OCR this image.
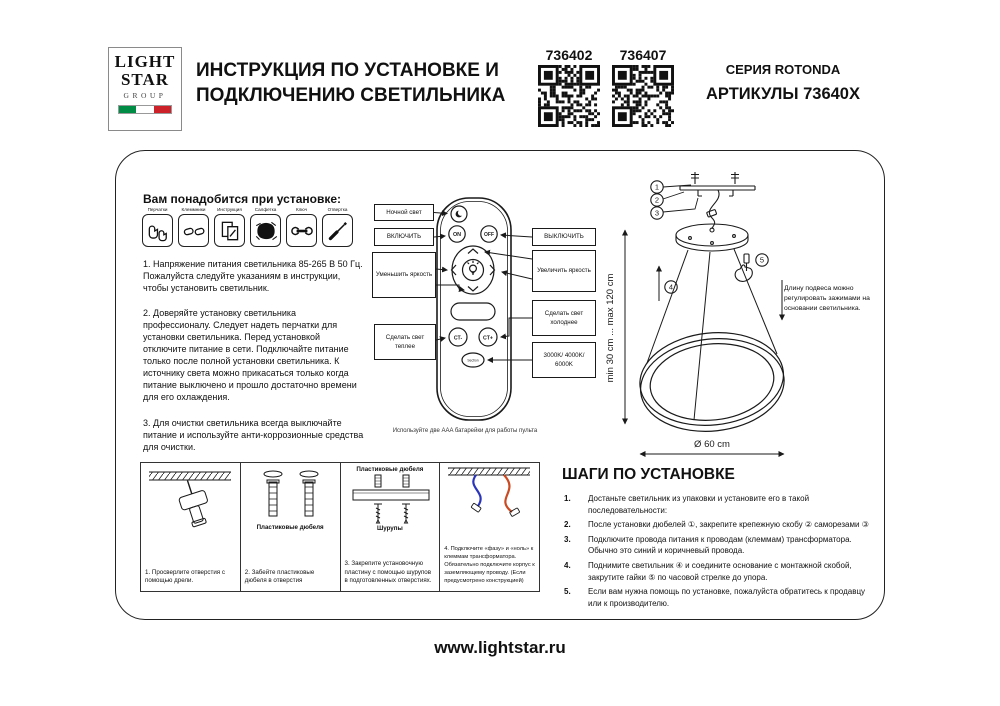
LIGHT
STAR
GROUP
ИНСТРУКЦИЯ ПО УСТАНОВКЕ И
ПОДКЛЮЧЕНИЮ СВЕТИЛЬНИКА
736402	736407
СЕРИЯ ROTONDA
АРТИКУЛЫ 73640X
Вам понадобится при установке:
Перчатки	Клеммники	Инструкция	Салфетка	Ключ	Отвертка

1. Напряжение питания светильника 85-265 В 50 Гц. Пожалуйста следуйте указаниям в инструкции, чтобы установить светильник.

2. Доверяйте установку светильника профессионалу. Следует надеть перчатки для установки светильника. Перед установкой отключите питание в сети. Подключайте питание только после полной установки светильника. К источнику света можно прикасаться только когда питание выключено и прошло достаточно времени для его охлаждения.

3. Для очистки светильника всегда выключайте питание и используйте анти-коррозионные средства для очистки.

Ночной свет
ВКЛЮЧИТЬ
Уменьшить яркость
Сделать свет теплее
ВЫКЛЮЧИТЬ
Увеличить яркость
Сделать свет холоднее
3000K/ 4000K/ 6000K
ON	OFF
CT-	CT+
Section
Используйте две AAA батарейки для работы пульта
1
2
3
4
5
min 30 cm ... max 120 cm
Ø 60 cm
Длину подвеса можно регулировать зажимами на основании светильника.
1. Просверлите отверстия с помощью дрели.
Пластиковые дюбеля
2. Забейте пластиковые дюбеля в отверстия
Пластиковые дюбеля
Шурупы
3. Закрепите установочную пластину с помощью шурупов в подготовленных отверстиях.
4. Подключите «фазу» и «ноль» к клеммам трансформатора. Обязательно подключите корпус к заземляющему проводу. (Если предусмотрено конструкцией)
ШАГИ ПО УСТАНОВКЕ
1.	Достаньте светильник из упаковки и установите его в такой последовательности:
2.	После установки дюбелей ①, закрепите крепежную скобу ② саморезами ③
3.	Подключите провода питания к проводам (клеммам) трансформатора. Обычно это синий и коричневый провода.
4.	Поднимите светильник ④ и соедините основание с монтажной скобой, закрутите гайки ⑤ по часовой стрелке до упора.
5.	Если вам нужна помощь по установке, пожалуйста обратитесь к продавцу или к производителю.
www.lightstar.ru
